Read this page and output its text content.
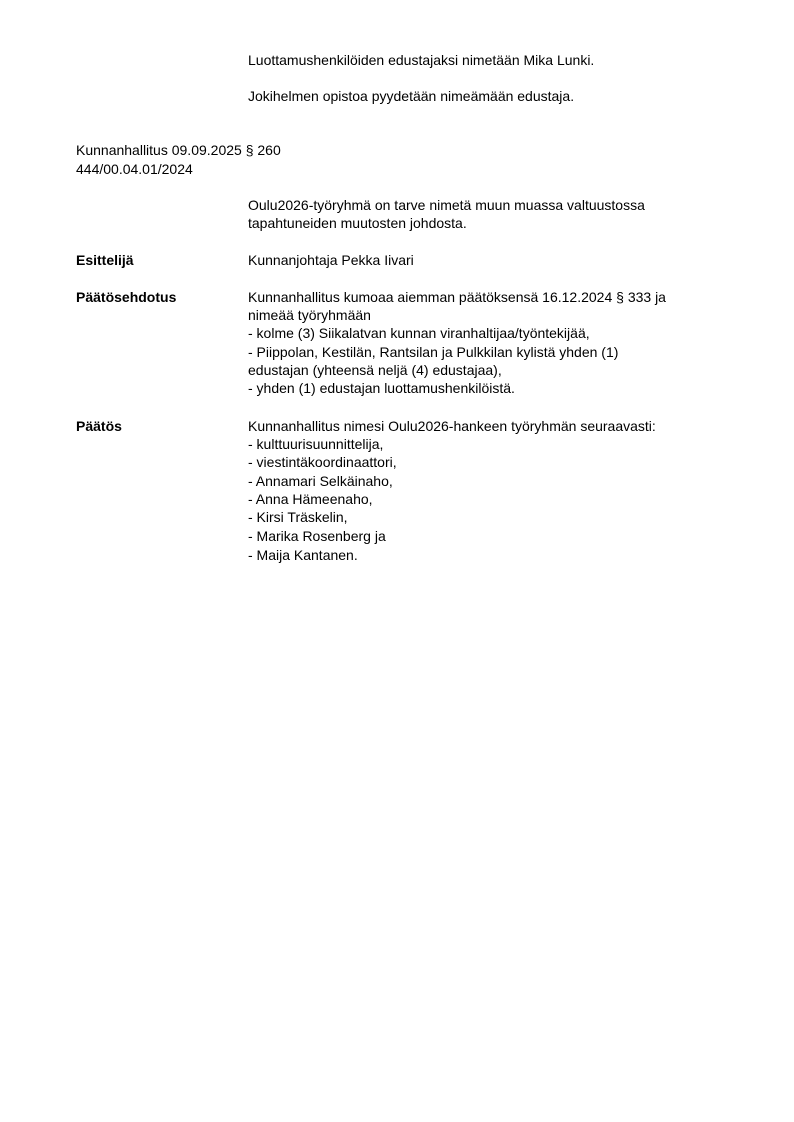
Luottamushenkilöiden edustajaksi nimetään Mika Lunki.
Jokihelmen opistoa pyydetään nimeämään edustaja.
Kunnanhallitus 09.09.2025 § 260
444/00.04.01/2024
Oulu2026-työryhmä on tarve nimetä muun muassa valtuustossa
tapahtuneiden muutosten johdosta.
Esittelijä	Kunnanjohtaja Pekka Iivari
Päätösehdotus	Kunnanhallitus kumoaa aiemman päätöksensä 16.12.2024 § 333 ja
nimeää työryhmään
- kolme (3) Siikalatvan kunnan viranhaltijaa/työntekijää,
- Piippolan, Kestilän, Rantsilan ja Pulkkilan kylistä yhden (1)
edustajan (yhteensä neljä (4) edustajaa),
- yhden (1) edustajan luottamushenkilöistä.
Päätös	Kunnanhallitus nimesi Oulu2026-hankeen työryhmän seuraavasti:
- kulttuurisuunnittelija,
- viestintäkoordinaattori,
- Annamari Selkäinaho,
- Anna Hämeenaho,
- Kirsi Träskelin,
- Marika Rosenberg ja
- Maija Kantanen.
